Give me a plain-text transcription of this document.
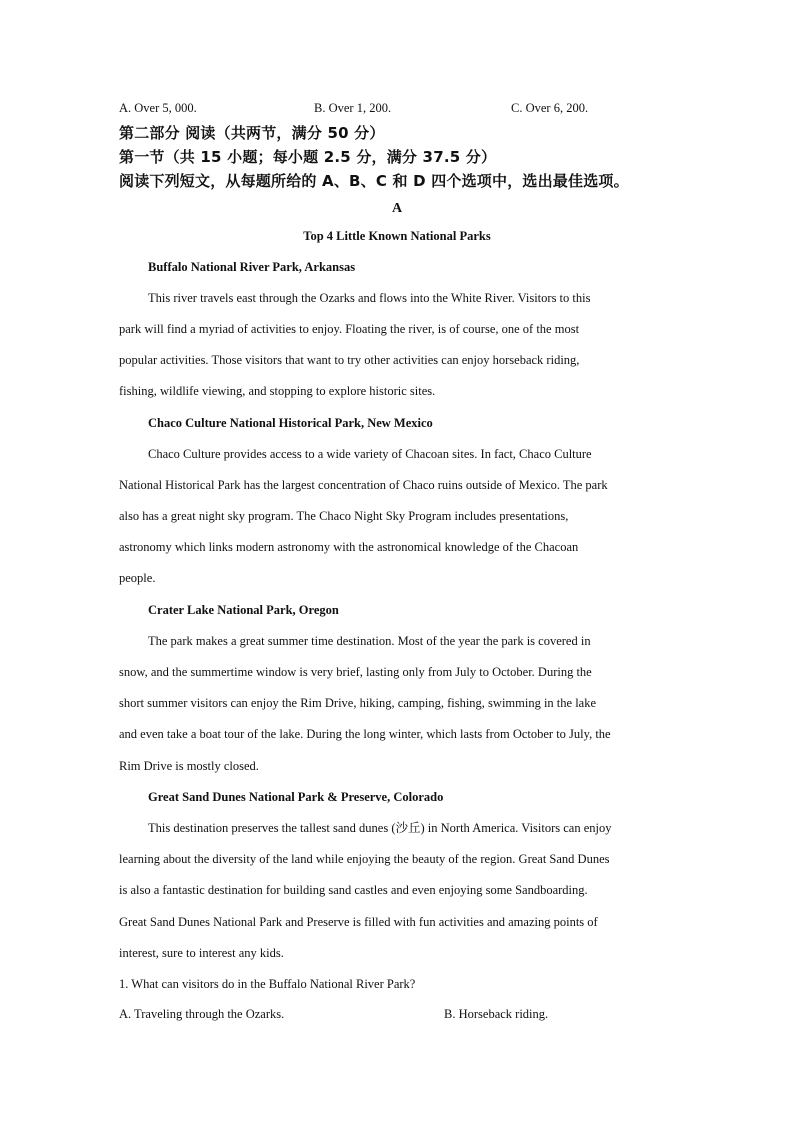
A. Over 5, 000.	B. Over 1, 200.	C. Over 6, 200.
第二部分 阅读（共两节，满分 50 分）
第一节（共 15 小题；每小题 2.5 分，满分 37.5 分）
阅读下列短文，从每题所给的 A、B、C 和 D 四个选项中，选出最佳选项。
A
Top 4 Little Known National Parks
Buffalo National River Park, Arkansas
This river travels east through the Ozarks and flows into the White River. Visitors to this
park will find a myriad of activities to enjoy. Floating the river, is of course, one of the most
popular activities. Those visitors that want to try other activities can enjoy horseback riding,
fishing, wildlife viewing, and stopping to explore historic sites.
Chaco Culture National Historical Park, New Mexico
Chaco Culture provides access to a wide variety of Chacoan sites. In fact, Chaco Culture
National Historical Park has the largest concentration of Chaco ruins outside of Mexico. The park
also has a great night sky program. The Chaco Night Sky Program includes presentations,
astronomy which links modern astronomy with the astronomical knowledge of the Chacoan
people.
Crater Lake National Park, Oregon
The park makes a great summer time destination. Most of the year the park is covered in
snow, and the summertime window is very brief, lasting only from July to October. During the
short summer visitors can enjoy the Rim Drive, hiking, camping, fishing, swimming in the lake
and even take a boat tour of the lake. During the long winter, which lasts from October to July, the
Rim Drive is mostly closed.
Great Sand Dunes National Park & Preserve, Colorado
This destination preserves the tallest sand dunes (沙丘) in North America. Visitors can enjoy
learning about the diversity of the land while enjoying the beauty of the region. Great Sand Dunes
is also a fantastic destination for building sand castles and even enjoying some Sandboarding.
Great Sand Dunes National Park and Preserve is filled with fun activities and amazing points of
interest, sure to interest any kids.
1. What can visitors do in the Buffalo National River Park?
A. Traveling through the Ozarks.	B. Horseback riding.
